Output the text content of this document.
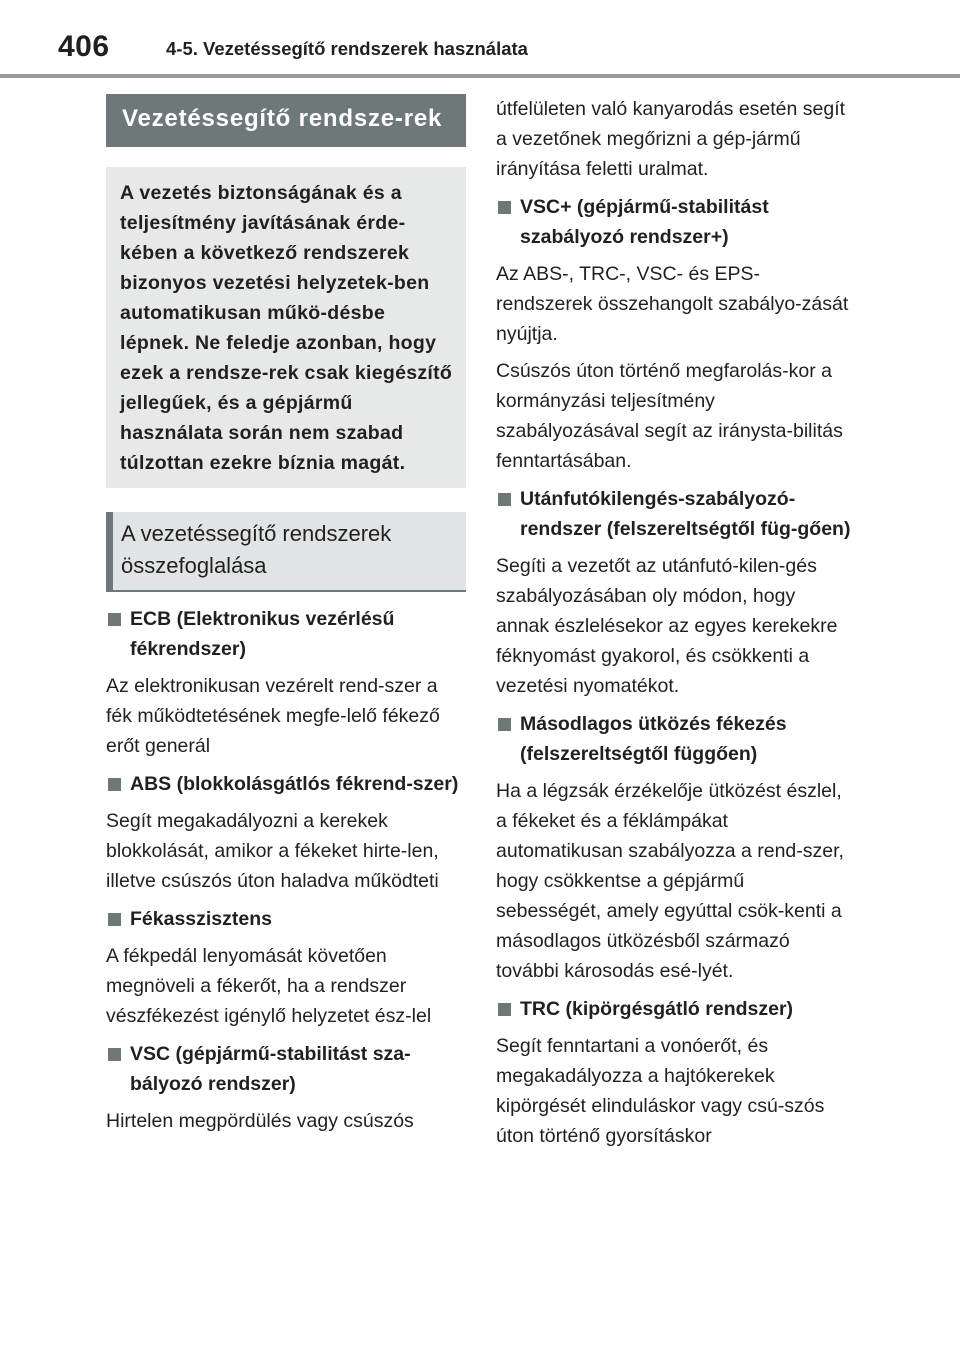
406	4-5. Vezetéssegítő rendszerek használata
Vezetéssegítő rendsze-rek
A vezetés biztonságának és a teljesítmény javításának érde-kében a következő rendszerek bizonyos vezetési helyzetek-ben automatikusan műkö-désbe lépnek. Ne feledje azonban, hogy ezek a rendsze-rek csak kiegészítő jellegűek, és a gépjármű használata során nem szabad túlzottan ezekre bíznia magát.
A vezetéssegítő rendszerek összefoglalása
ECB (Elektronikus vezérlésű fékrendszer)
Az elektronikusan vezérelt rend-szer a fék működtetésének megfe-lelő fékező erőt generál
ABS (blokkolásgátlós fékrend-szer)
Segít megakadályozni a kerekek blokkolását, amikor a fékeket hirte-len, illetve csúszós úton haladva működteti
Fékasszisztens
A fékpedál lenyomását követően megnöveli a fékerőt, ha a rendszer vészfékezést igénylő helyzetet ész-lel
VSC (gépjármű-stabilitást sza-bályozó rendszer)
Hirtelen megpördülés vagy csúszós
útfelületen való kanyarodás esetén segít a vezetőnek megőrizni a gép-jármű irányítása feletti uralmat.
VSC+ (gépjármű-stabilitást szabályozó rendszer+)
Az ABS-, TRC-, VSC- és EPS-rendszerek összehangolt szabályo-zását nyújtja.
Csúszós úton történő megfarolás-kor a kormányzási teljesítmény szabályozásával segít az iránysta-bilitás fenntartásában.
Utánfutókilengés-szabályozó-rendszer (felszereltségtől füg-gően)
Segíti a vezetőt az utánfutó-kilen-gés szabályozásában oly módon, hogy annak észlelésekor az egyes kerekekre féknyomást gyakorol, és csökkenti a vezetési nyomatékot.
Másodlagos ütközés fékezés (felszereltségtől függően)
Ha a légzsák érzékelője ütközést észlel, a fékeket és a féklámpákat automatikusan szabályozza a rend-szer, hogy csökkentse a gépjármű sebességét, amely egyúttal csök-kenti a másodlagos ütközésből származó további károsodás esé-lyét.
TRC (kipörgésgátló rendszer)
Segít fenntartani a vonóerőt, és megakadályozza a hajtókerekek kipörgését elinduláskor vagy csú-szós úton történő gyorsításkor
